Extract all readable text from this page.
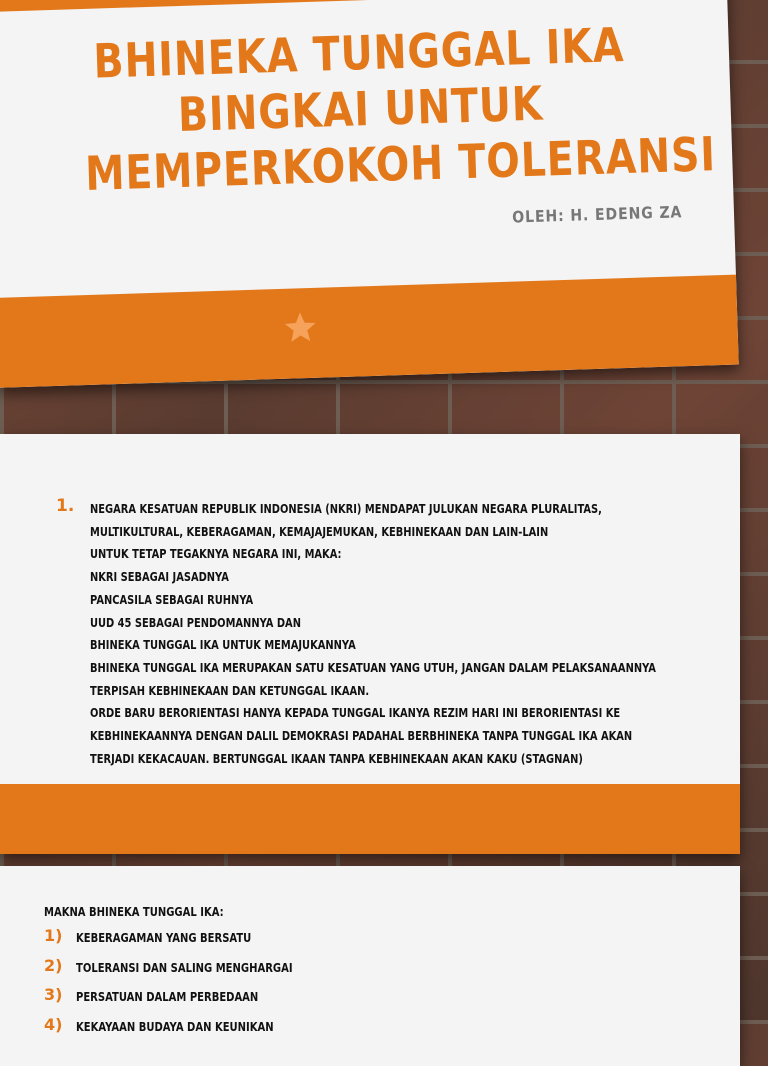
BHINEKA TUNGGAL IKA
BINGKAI UNTUK
MEMPERKOKOH TOLERANSI
OLEH: H. EDENG ZA
1. NEGARA KESATUAN REPUBLIK INDONESIA (NKRI) MENDAPAT JULUKAN NEGARA PLURALITAS,
MULTIKULTURAL, KEBERAGAMAN, KEMAJAJEMUKAN, KEBHINEKAAN DAN LAIN-LAIN
UNTUK TETAP TEGAKNYA NEGARA INI, MAKA:
NKRI SEBAGAI JASADNYA
PANCASILA SEBAGAI RUHNYA
UUD 45 SEBAGAI PENDOMANNYA DAN
BHINEKA TUNGGAL IKA UNTUK MEMAJUKANNYA
BHINEKA TUNGGAL IKA MERUPAKAN SATU KESATUAN YANG UTUH, JANGAN DALAM PELAKSANAANNYA
TERPISAH KEBHINEKAAN DAN KETUNGGAL IKAAN.
ORDE BARU BERORIENTASI HANYA KEPADA TUNGGAL IKANYA REZIM HARI INI BERORIENTASI KE
KEBHINEKAANNYA DENGAN DALIL DEMOKRASI PADAHAL BERBHINEKA TANPA TUNGGAL IKA AKAN
TERJADI KEKACAUAN. BERTUNGGAL IKAAN TANPA KEBHINEKAAN AKAN KAKU (STAGNAN)
MAKNA BHINEKA TUNGGAL IKA:
1) KEBERAGAMAN YANG BERSATU
2) TOLERANSI DAN SALING MENGHARGAI
3) PERSATUAN DALAM PERBEDAAN
4) KEKAYAAN BUDAYA DAN KEUNIKAN
